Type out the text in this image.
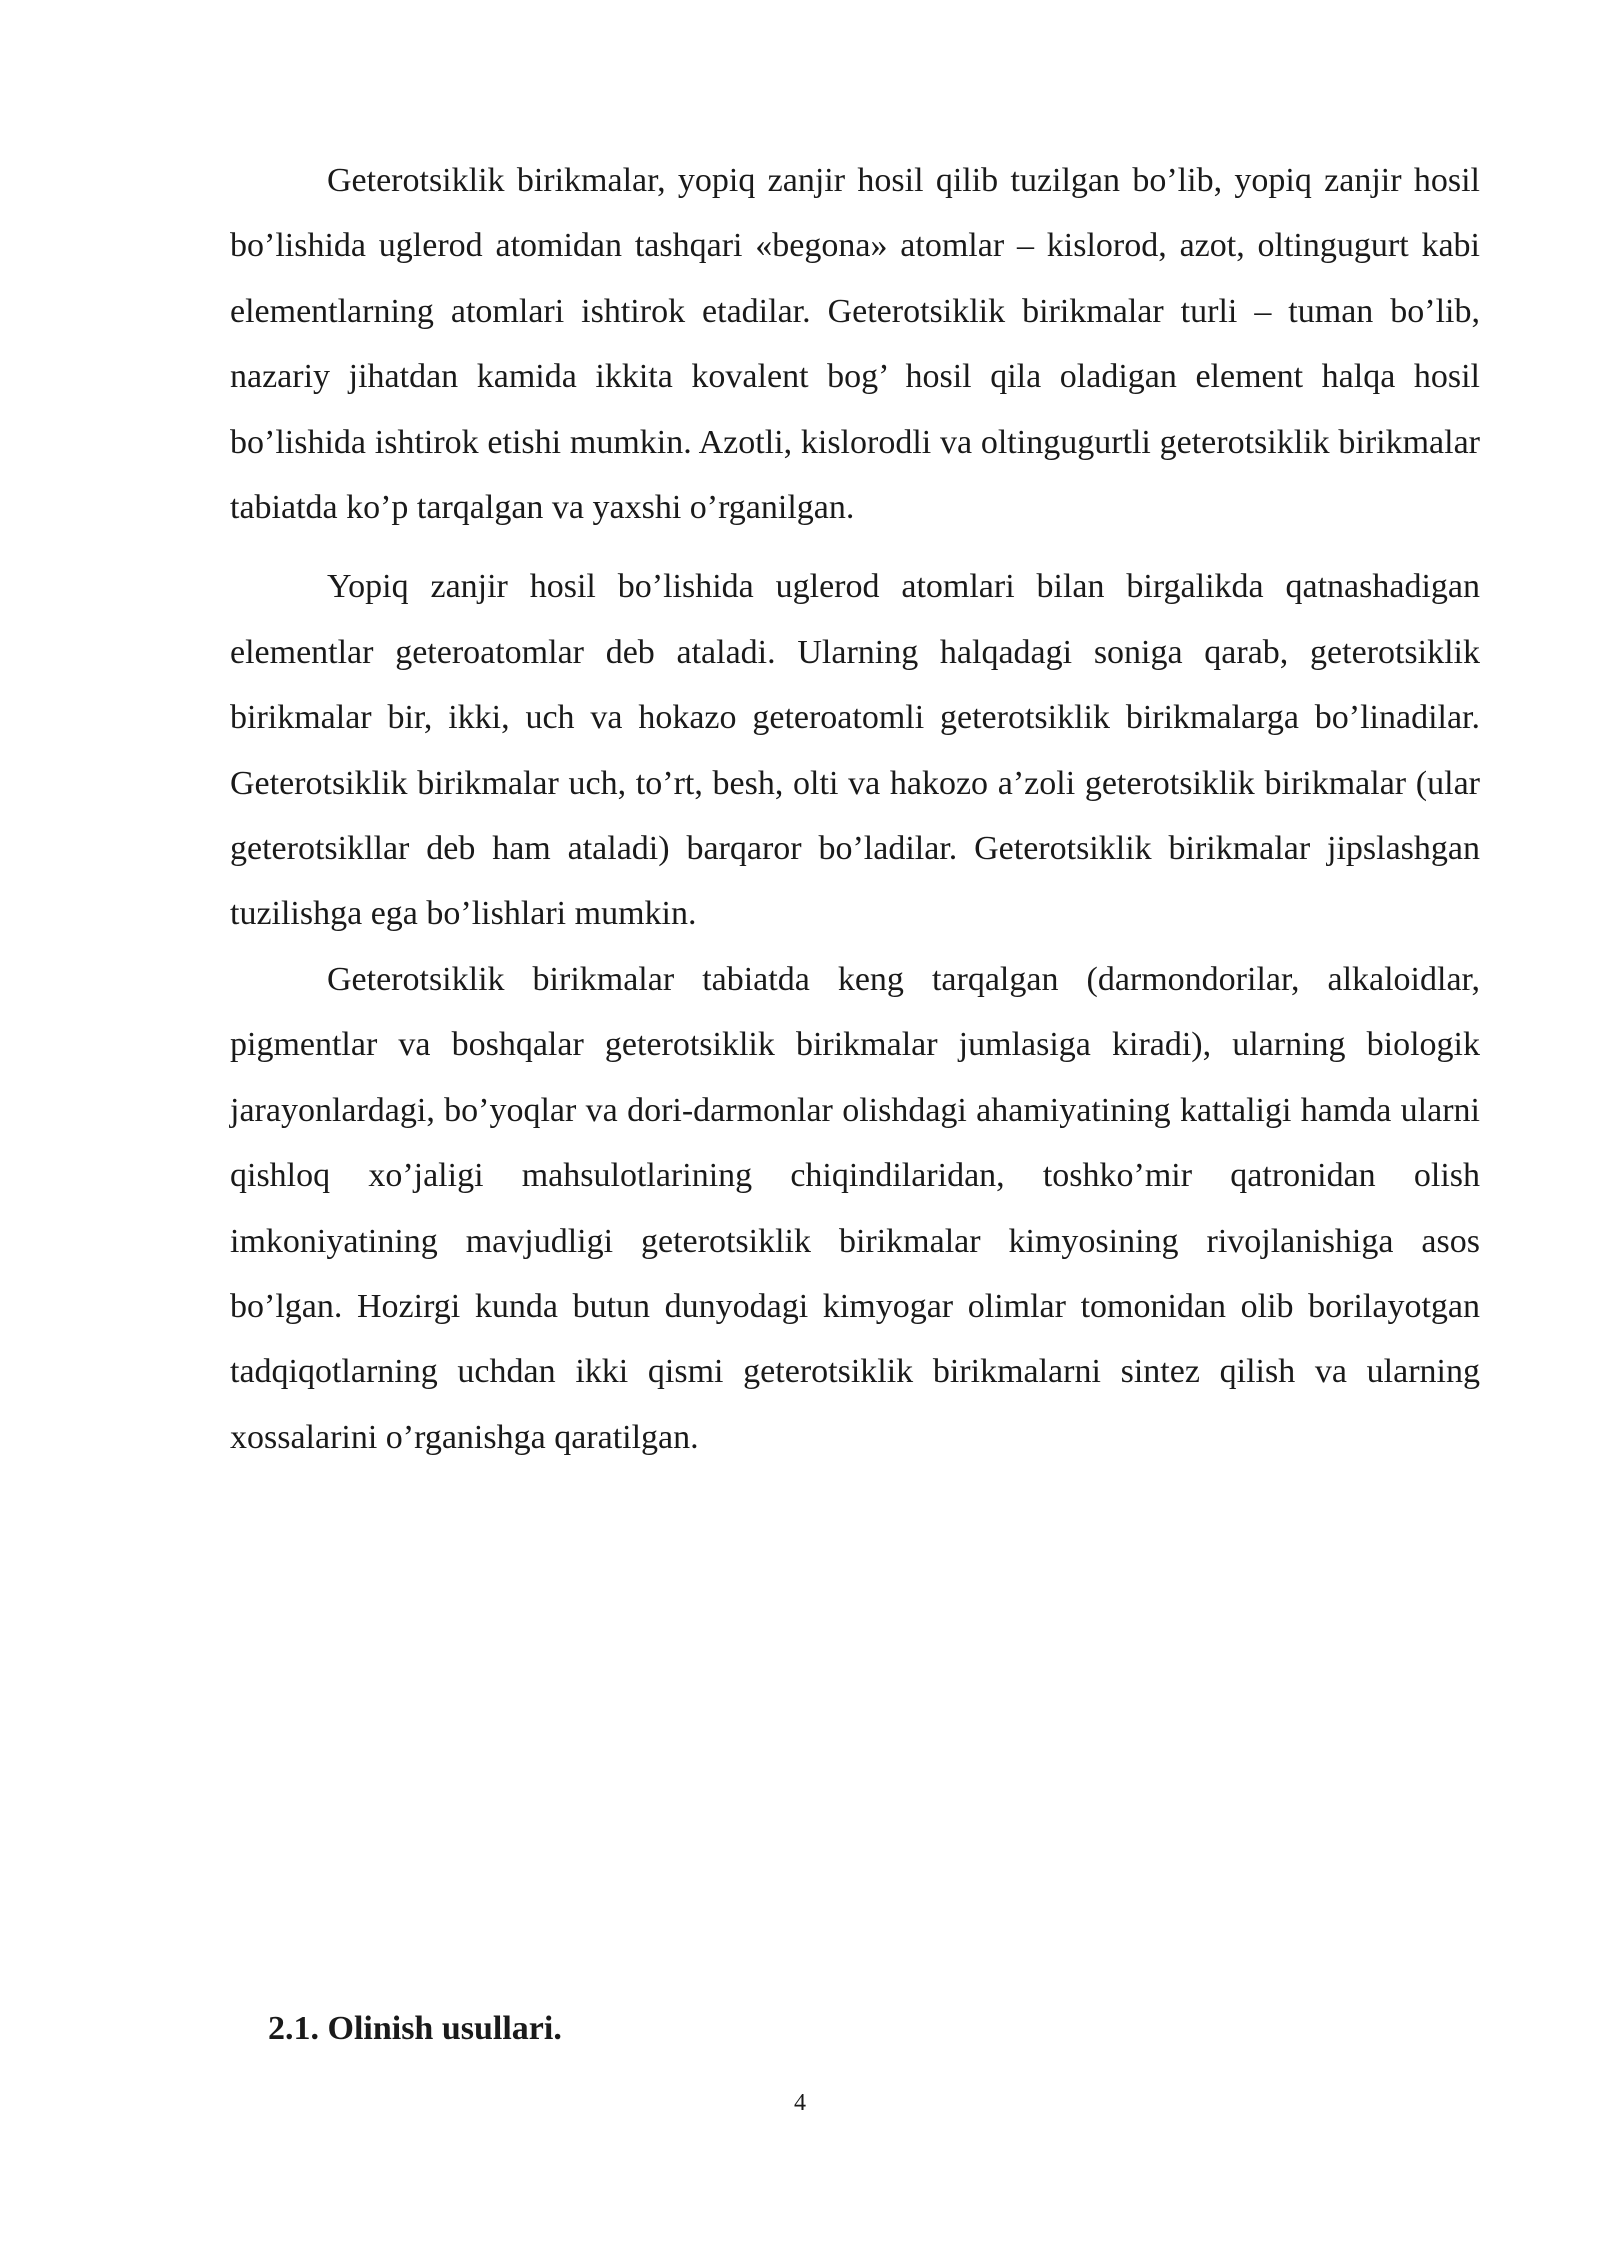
Geterotsiklik birikmalar, yopiq zanjir hosil qilib tuzilgan bo’lib, yopiq zanjir hosil bo’lishida uglerod atomidan tashqari «begona» atomlar – kislorod, azot, oltingugurt kabi elementlarning atomlari ishtirok etadilar. Geterotsiklik birikmalar turli – tuman bo’lib, nazariy jihatdan kamida ikkita kovalent bog’ hosil qila oladigan element halqa hosil bo’lishida ishtirok etishi mumkin. Azotli, kislorodli va oltingugurtli geterotsiklik birikmalar tabiatda ko’p tarqalgan va yaxshi o’rganilgan.

Yopiq zanjir hosil bo’lishida uglerod atomlari bilan birgalikda qatnashadigan elementlar geteroatomlar deb ataladi. Ularning halqadagi soniga qarab, geterotsiklik birikmalar bir, ikki, uch va hokazo geteroatomli geterotsiklik birikmalarga bo’linadilar. Geterotsiklik birikmalar uch, to’rt, besh, olti va hakozo a’zoli geterotsiklik birikmalar (ular geterotsikllar deb ham ataladi) barqaror bo’ladilar. Geterotsiklik birikmalar jipslashgan tuzilishga ega bo’lishlari mumkin.

Geterotsiklik birikmalar tabiatda keng tarqalgan (darmondorilar, alkaloidlar, pigmentlar va boshqalar geterotsiklik birikmalar jumlasiga kiradi), ularning biologik jarayonlardagi, bo’yoqlar va dori-darmonlar olishdagi ahamiyatining kattaligi hamda ularni qishloq xo’jaligi mahsulotlarining chiqindilaridan, toshko’mir qatronidan olish imkoniyatining mavjudligi geterotsiklik birikmalar kimyosining rivojlanishiga asos bo’lgan. Hozirgi kunda butun dunyodagi kimyogar olimlar tomonidan olib borilayotgan tadqiqotlarning uchdan ikki qismi geterotsiklik birikmalarni sintez qilish va ularning xossalarini o’rganishga qaratilgan.

2.1. Olinish usullari.
4
